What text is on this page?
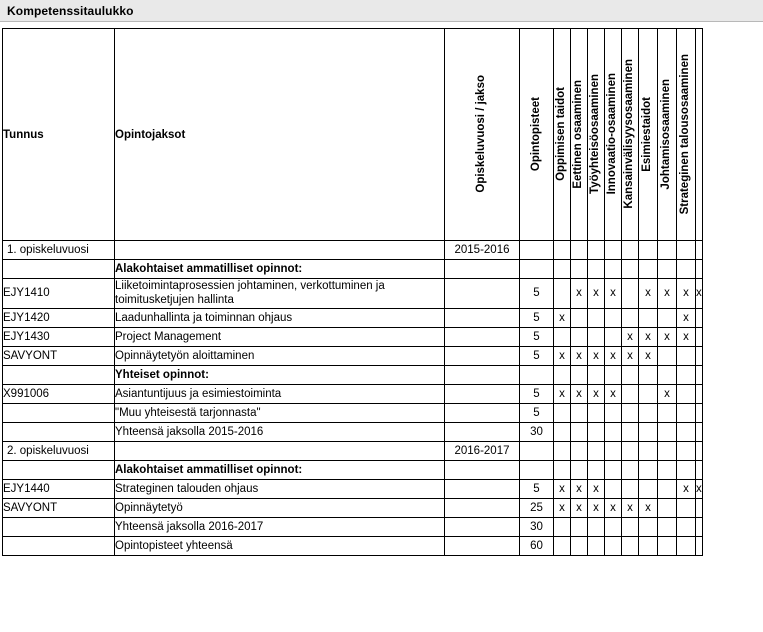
Kompetenssitaulukko
Tunnus	Opintojaksot	Opiskeluvuosi / jakso	Opintopisteet	Oppimisen taidot	Eettinen osaaminen	Työyhteisöosaaminen	Innovaatio-osaaminen	Kansainvälisyysosaaminen	Esimiestaidot	Johtamisosaaminen	Strateginen talousosaaminen	
1. opiskeluvuosi		2015-2016										
	Alakohtaiset ammatilliset opinnot:											
EJY1410	Liiketoimintaprosessien johtaminen, verkottuminen ja toimitusketjujen hallinta		5		x	x	x		x	x	x	x
EJY1420	Laadunhallinta ja toiminnan ohjaus		5	x							x	
EJY1430	Project Management		5					x	x	x	x	
SAVYONT	Opinnäytetyön aloittaminen		5	x	x	x	x	x	x			
	Yhteiset opinnot:											
X991006	Asiantuntijuus ja esimiestoiminta		5	x	x	x	x			x		
	"Muu yhteisestä tarjonnasta"		5									
	Yhteensä jaksolla 2015-2016		30									
2. opiskeluvuosi		2016-2017										
	Alakohtaiset ammatilliset opinnot:											
EJY1440	Strateginen talouden ohjaus		5	x	x	x					x	x
SAVYONT	Opinnäytetyö		25	x	x	x	x	x	x			
	Yhteensä jaksolla 2016-2017		30									
	Opintopisteet yhteensä		60									
